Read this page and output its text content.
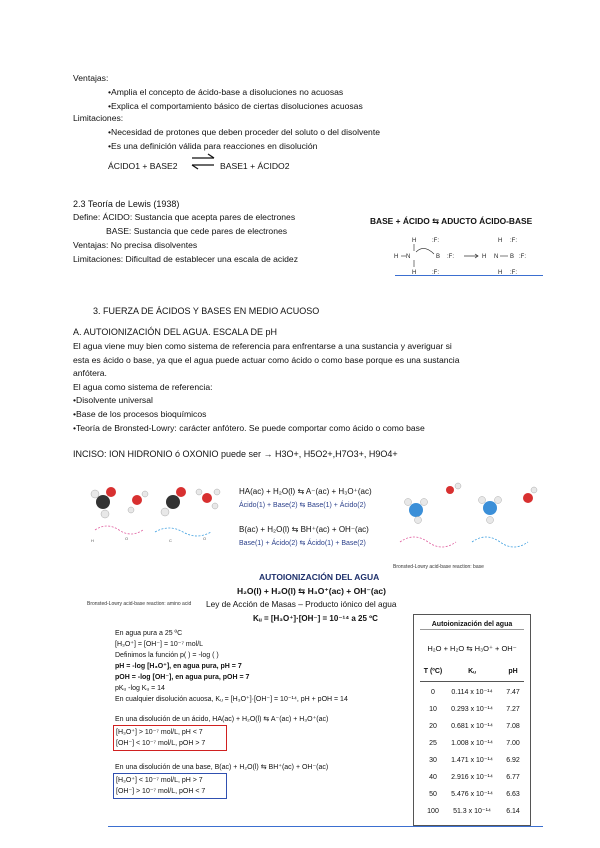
Ventajas:
• Amplia el concepto de ácido-base a disoluciones no acuosas
• Explica el comportamiento básico de ciertas disoluciones acuosas
Limitaciones:
• Necesidad de protones que deben proceder del soluto o del disolvente
• Es una definición válida para reacciones en disolución
ÁCIDO1 + BASE2 ⇌ BASE1 + ÁCIDO2
2.3 Teoría de Lewis (1938)
Define: ÁCIDO: Sustancia que acepta pares de electrones
BASE: Sustancia que cede pares de electrones
Ventajas: No precisa disolventes
Limitaciones: Dificultad de establecer una escala de acidez
BASE + ÁCIDO ⇆ ADUCTO ÁCIDO-BASE
H
H
H N	B :F:
:F:
:F:
H N
H
H
B :F:
:F:
:F:
3. FUERZA DE ÁCIDOS Y BASES EN MEDIO ACUOSO
A. AUTOIONIZACIÓN DEL AGUA. ESCALA DE pH
El agua viene muy bien como sistema de referencia para enfrentarse a una sustancia y averiguar si
esta es ácido o base, ya que el agua puede actuar como ácido o como base porque es una sustancia
anfótera.
El agua como sistema de referencia:
• Disolvente universal
• Base de los procesos bioquímicos
• Teoría de Bronsted-Lowry: carácter anfótero. Se puede comportar como ácido o como base
INCISO: ION HIDRONIO ó OXONIO puede ser → H3O+, H5O2+,H7O3+, H9O4+
H	O	C	O
Bronsted-Lowry acid-base reaction: amino acid
HA(ac) + H₂O(l) ⇆ A⁻(ac) + H₃O⁺(ac)
Ácido(1) + Base(2) ⇆ Base(1) + Ácido(2)
B(ac) + H₂O(l) ⇆ BH⁺(ac) + OH⁻(ac)
Base(1) + Ácido(2) ⇆ Ácido(1) + Base(2)
Bronsted-Lowry acid-base reaction: base
AUTOIONIZACIÓN DEL AGUA
H₂O(l) + H₂O(l) ⇆ H₃O⁺(ac) + OH⁻(ac)
Ley de Acción de Masas – Producto iónico del agua
Kᵤ = [H₃O⁺]·[OH⁻] = 10⁻¹⁴ a 25 ºC
En agua pura a 25 ºC
[H₃O⁺] = [OH⁻] = 10⁻⁷ mol/L
Definimos la función p( ) = -log ( )
pH = -log [H₃O⁺], en agua pura, pH = 7
pOH = -log [OH⁻], en agua pura, pOH = 7
pKᵤ -log Kᵤ = 14
En cualquier disolución acuosa, Kᵤ = [H₃O⁺]·[OH⁻] = 10⁻¹⁴, pH + pOH = 14
En una disolución de un ácido, HA(ac) + H₂O(l) ⇆ A⁻(ac) + H₃O⁺(ac)
[H₃O⁺] > 10⁻⁷ mol/L, pH < 7
[OH⁻] < 10⁻⁷ mol/L, pOH > 7
En una disolución de una base, B(ac) + H₂O(l) ⇆ BH⁺(ac) + OH⁻(ac)
[H₃O⁺] < 10⁻⁷ mol/L, pH > 7
[OH⁻] > 10⁻⁷ mol/L, pOH < 7
Autoionización del agua
H₂O + H₂O ⇆ H₃O⁺ + OH⁻
T (ºC)	Kᵤ	pH
0	0.114 x 10⁻¹⁴	7.47
10	0.293 x 10⁻¹⁴	7.27
20	0.681 x 10⁻¹⁴	7.08
25	1.008 x 10⁻¹⁴	7.00
30	1.471 x 10⁻¹⁴	6.92
40	2.916 x 10⁻¹⁴	6.77
50	5.476 x 10⁻¹⁴	6.63
100	51.3 x 10⁻¹⁴	6.14
